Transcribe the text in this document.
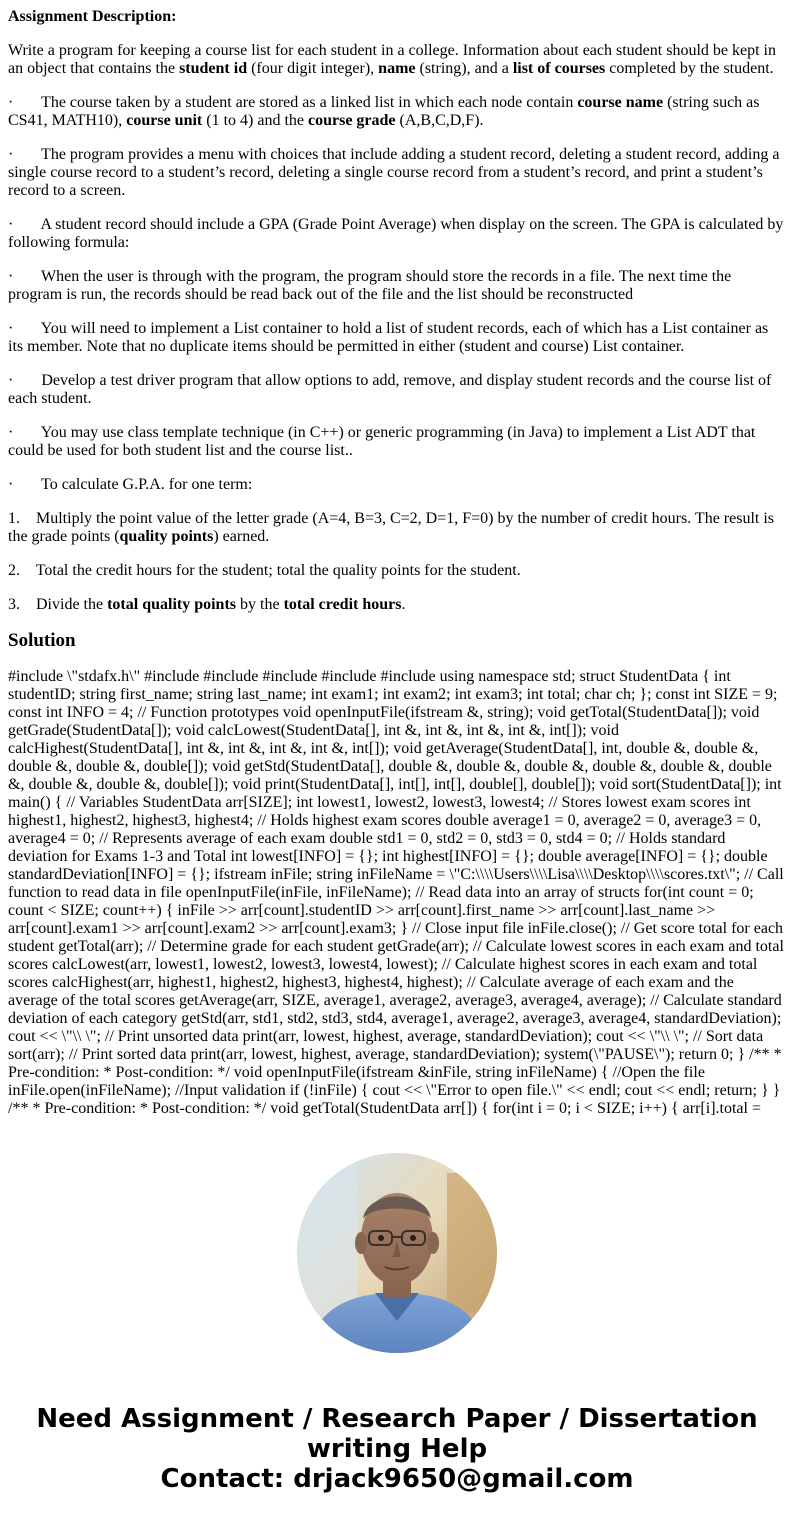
Assignment Description:

Write a program for keeping a course list for each student in a college. Information about each student should be kept in an object that contains the student id (four digit integer), name (string), and a list of courses completed by the student.

· The course taken by a student are stored as a linked list in which each node contain course name (string such as CS41, MATH10), course unit (1 to 4) and the course grade (A,B,C,D,F).

· The program provides a menu with choices that include adding a student record, deleting a student record, adding a single course record to a student’s record, deleting a single course record from a student’s record, and print a student’s record to a screen.

· A student record should include a GPA (Grade Point Average) when display on the screen. The GPA is calculated by following formula:

· When the user is through with the program, the program should store the records in a file. The next time the program is run, the records should be read back out of the file and the list should be reconstructed

· You will need to implement a List container to hold a list of student records, each of which has a List container as its member. Note that no duplicate items should be permitted in either (student and course) List container.

· Develop a test driver program that allow options to add, remove, and display student records and the course list of each student.

· You may use class template technique (in C++) or generic programming (in Java) to implement a List ADT that could be used for both student list and the course list..

· To calculate G.P.A. for one term:

1. Multiply the point value of the letter grade (A=4, B=3, C=2, D=1, F=0) by the number of credit hours. The result is the grade points (quality points) earned.

2. Total the credit hours for the student; total the quality points for the student.

3. Divide the total quality points by the total credit hours.

Solution

#include \"stdafx.h\" #include #include #include #include #include using namespace std; struct StudentData { int studentID; string first_name; string last_name; int exam1; int exam2; int exam3; int total; char ch; }; const int SIZE = 9; const int INFO = 4; // Function prototypes void openInputFile(ifstream &, string); void getTotal(StudentData[]); void getGrade(StudentData[]); void calcLowest(StudentData[], int &, int &, int &, int &, int[]); void calcHighest(StudentData[], int &, int &, int &, int &, int[]); void getAverage(StudentData[], int, double &, double &, double &, double &, double[]); void getStd(StudentData[], double &, double &, double &, double &, double &, double &, double &, double &, double[]); void print(StudentData[], int[], int[], double[], double[]); void sort(StudentData[]); int main() { // Variables StudentData arr[SIZE]; int lowest1, lowest2, lowest3, lowest4; // Stores lowest exam scores int highest1, highest2, highest3, highest4; // Holds highest exam scores double average1 = 0, average2 = 0, average3 = 0, average4 = 0; // Represents average of each exam double std1 = 0, std2 = 0, std3 = 0, std4 = 0; // Holds standard deviation for Exams 1-3 and Total int lowest[INFO] = {}; int highest[INFO] = {}; double average[INFO] = {}; double standardDeviation[INFO] = {}; ifstream inFile; string inFileName = \"C:\\\\Users\\\\Lisa\\\\Desktop\\\\scores.txt\"; // Call function to read data in file openInputFile(inFile, inFileName); // Read data into an array of structs for(int count = 0; count < SIZE; count++) { inFile >> arr[count].studentID >> arr[count].first_name >> arr[count].last_name >> arr[count].exam1 >> arr[count].exam2 >> arr[count].exam3; } // Close input file inFile.close(); // Get score total for each student getTotal(arr); // Determine grade for each student getGrade(arr); // Calculate lowest scores in each exam and total scores calcLowest(arr, lowest1, lowest2, lowest3, lowest4, lowest); // Calculate highest scores in each exam and total scores calcHighest(arr, highest1, highest2, highest3, highest4, highest); // Calculate average of each exam and the average of the total scores getAverage(arr, SIZE, average1, average2, average3, average4, average); // Calculate standard deviation of each category getStd(arr, std1, std2, std3, std4, average1, average2, average3, average4, standardDeviation); cout << \"\\ \"; // Print unsorted data print(arr, lowest, highest, average, standardDeviation); cout << \"\\ \"; // Sort data sort(arr); // Print sorted data print(arr, lowest, highest, average, standardDeviation); system(\"PAUSE\"); return 0; } /** * Pre-condition: * Post-condition: */ void openInputFile(ifstream &inFile, string inFileName) { //Open the file inFile.open(inFileName); //Input validation if (!inFile) { cout << \"Error to open file.\" << endl; cout << endl; return; } } /** * Pre-condition: * Post-condition: */ void getTotal(StudentData arr[]) { for(int i = 0; i < SIZE; i++) { arr[i].total =

Need Assignment / Research Paper / Dissertation
writing Help
Contact: drjack9650@gmail.com
